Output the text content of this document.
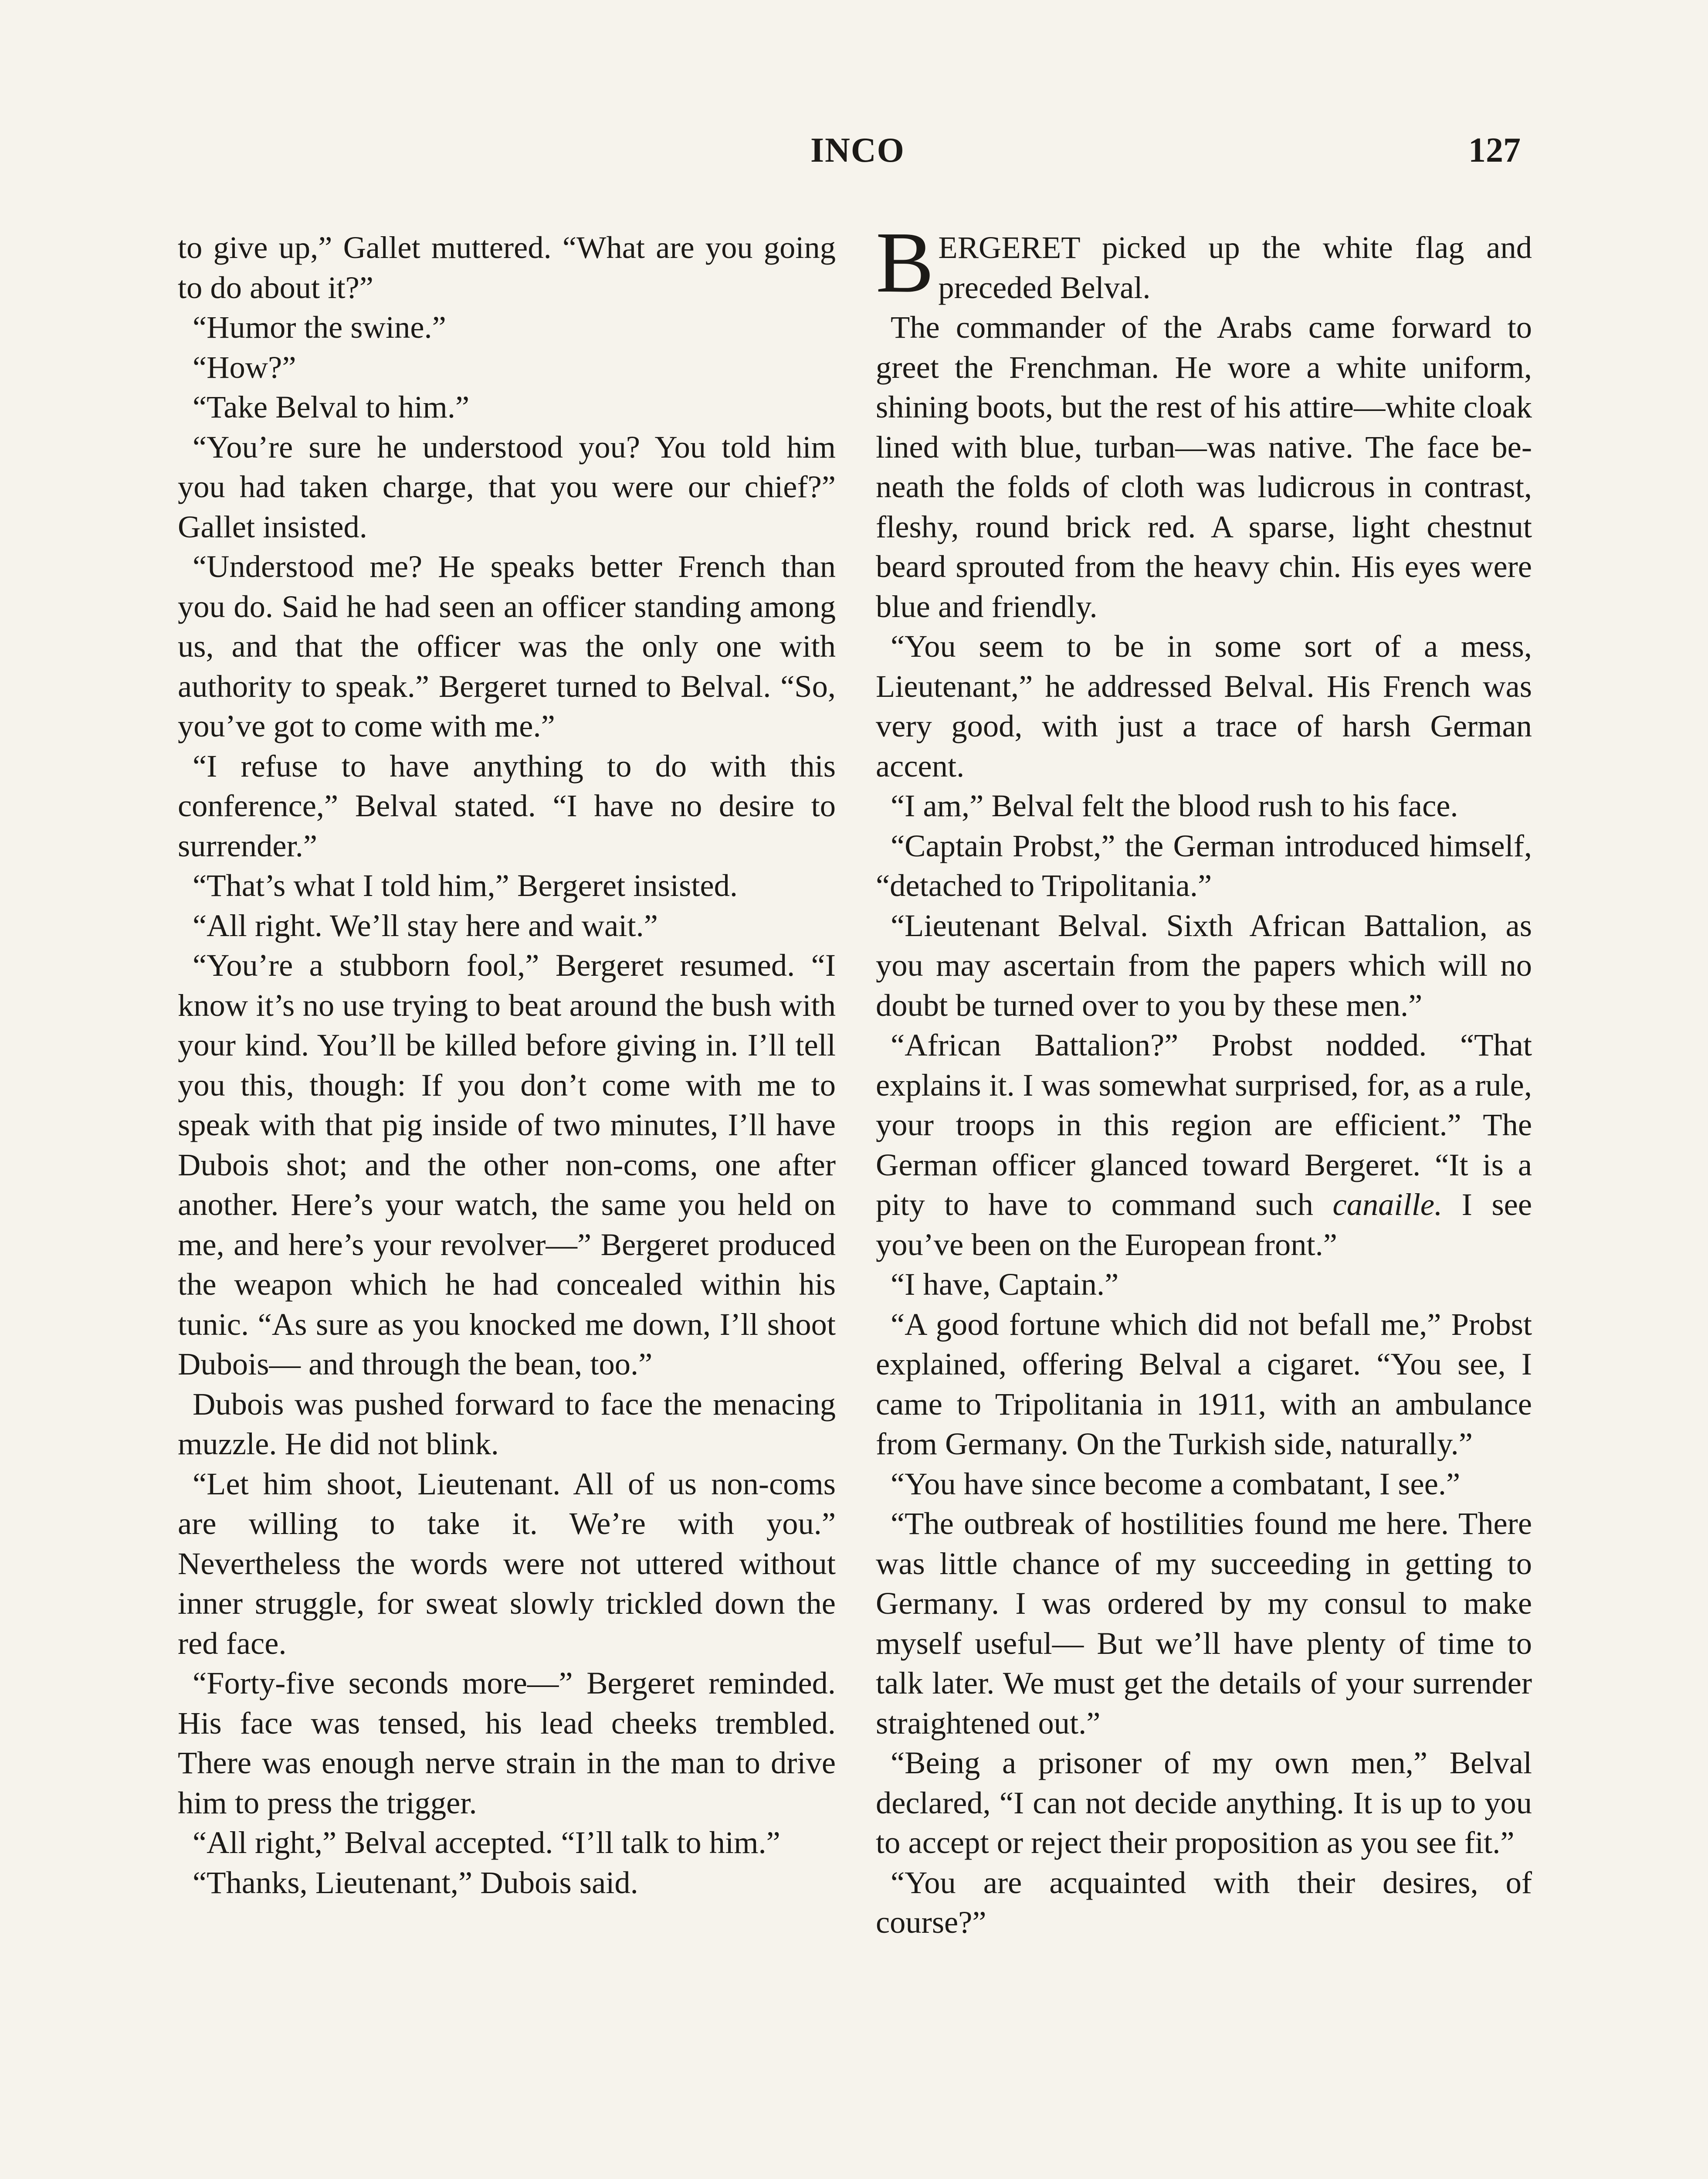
INCO	127

to give up,” Gallet muttered. “What are you going to do about it?”

“Humor the swine.”

“How?”

“Take Belval to him.”

“You’re sure he understood you? You told him you had taken charge, that you were our chief?” Gallet insisted.

“Understood me? He speaks better French than you do. Said he had seen an officer standing among us, and that the officer was the only one with authority to speak.” Bergeret turned to Belval. “So, you’ve got to come with me.”

“I refuse to have anything to do with this conference,” Belval stated. “I have no desire to surrender.”

“That’s what I told him,” Bergeret insisted.

“All right. We’ll stay here and wait.”

“You’re a stubborn fool,” Bergeret resumed. “I know it’s no use trying to beat around the bush with your kind. You’ll be killed before giving in. I’ll tell you this, though: If you don’t come with me to speak with that pig inside of two minutes, I’ll have Dubois shot; and the other non-coms, one after another. Here’s your watch, the same you held on me, and here’s your revolver—” Bergeret produced the weapon which he had concealed within his tunic. “As sure as you knocked me down, I’ll shoot Dubois— and through the bean, too.”

Dubois was pushed forward to face the menacing muzzle. He did not blink.

“Let him shoot, Lieutenant. All of us non-coms are willing to take it. We’re with you.” Nevertheless the words were not uttered without inner struggle, for sweat slowly trickled down the red face.

“Forty-five seconds more—” Bergeret reminded. His face was tensed, his lead cheeks trembled. There was enough nerve strain in the man to drive him to press the trigger.

“All right,” Belval accepted. “I’ll talk to him.”

“Thanks, Lieutenant,” Dubois said.

BERGERET picked up the white flag and preceded Belval.

The commander of the Arabs came forward to greet the Frenchman. He wore a white uniform, shining boots, but the rest of his attire—white cloak lined with blue, turban—was native. The face beneath the folds of cloth was ludicrous in contrast, fleshy, round brick red. A sparse, light chestnut beard sprouted from the heavy chin. His eyes were blue and friendly.

“You seem to be in some sort of a mess, Lieutenant,” he addressed Belval. His French was very good, with just a trace of harsh German accent.

“I am,” Belval felt the blood rush to his face.

“Captain Probst,” the German introduced himself, “detached to Tripolitania.”

“Lieutenant Belval. Sixth African Battalion, as you may ascertain from the papers which will no doubt be turned over to you by these men.”

“African Battalion?” Probst nodded. “That explains it. I was somewhat surprised, for, as a rule, your troops in this region are efficient.” The German officer glanced toward Bergeret. “It is a pity to have to command such canaille. I see you’ve been on the European front.”

“I have, Captain.”

“A good fortune which did not befall me,” Probst explained, offering Belval a cigaret. “You see, I came to Tripolitania in 1911, with an ambulance from Germany. On the Turkish side, naturally.”

“You have since become a combatant, I see.”

“The outbreak of hostilities found me here. There was little chance of my succeeding in getting to Germany. I was ordered by my consul to make myself useful— But we’ll have plenty of time to talk later. We must get the details of your surrender straightened out.”

“Being a prisoner of my own men,” Belval declared, “I can not decide anything. It is up to you to accept or reject their proposition as you see fit.”

“You are acquainted with their desires, of course?”
